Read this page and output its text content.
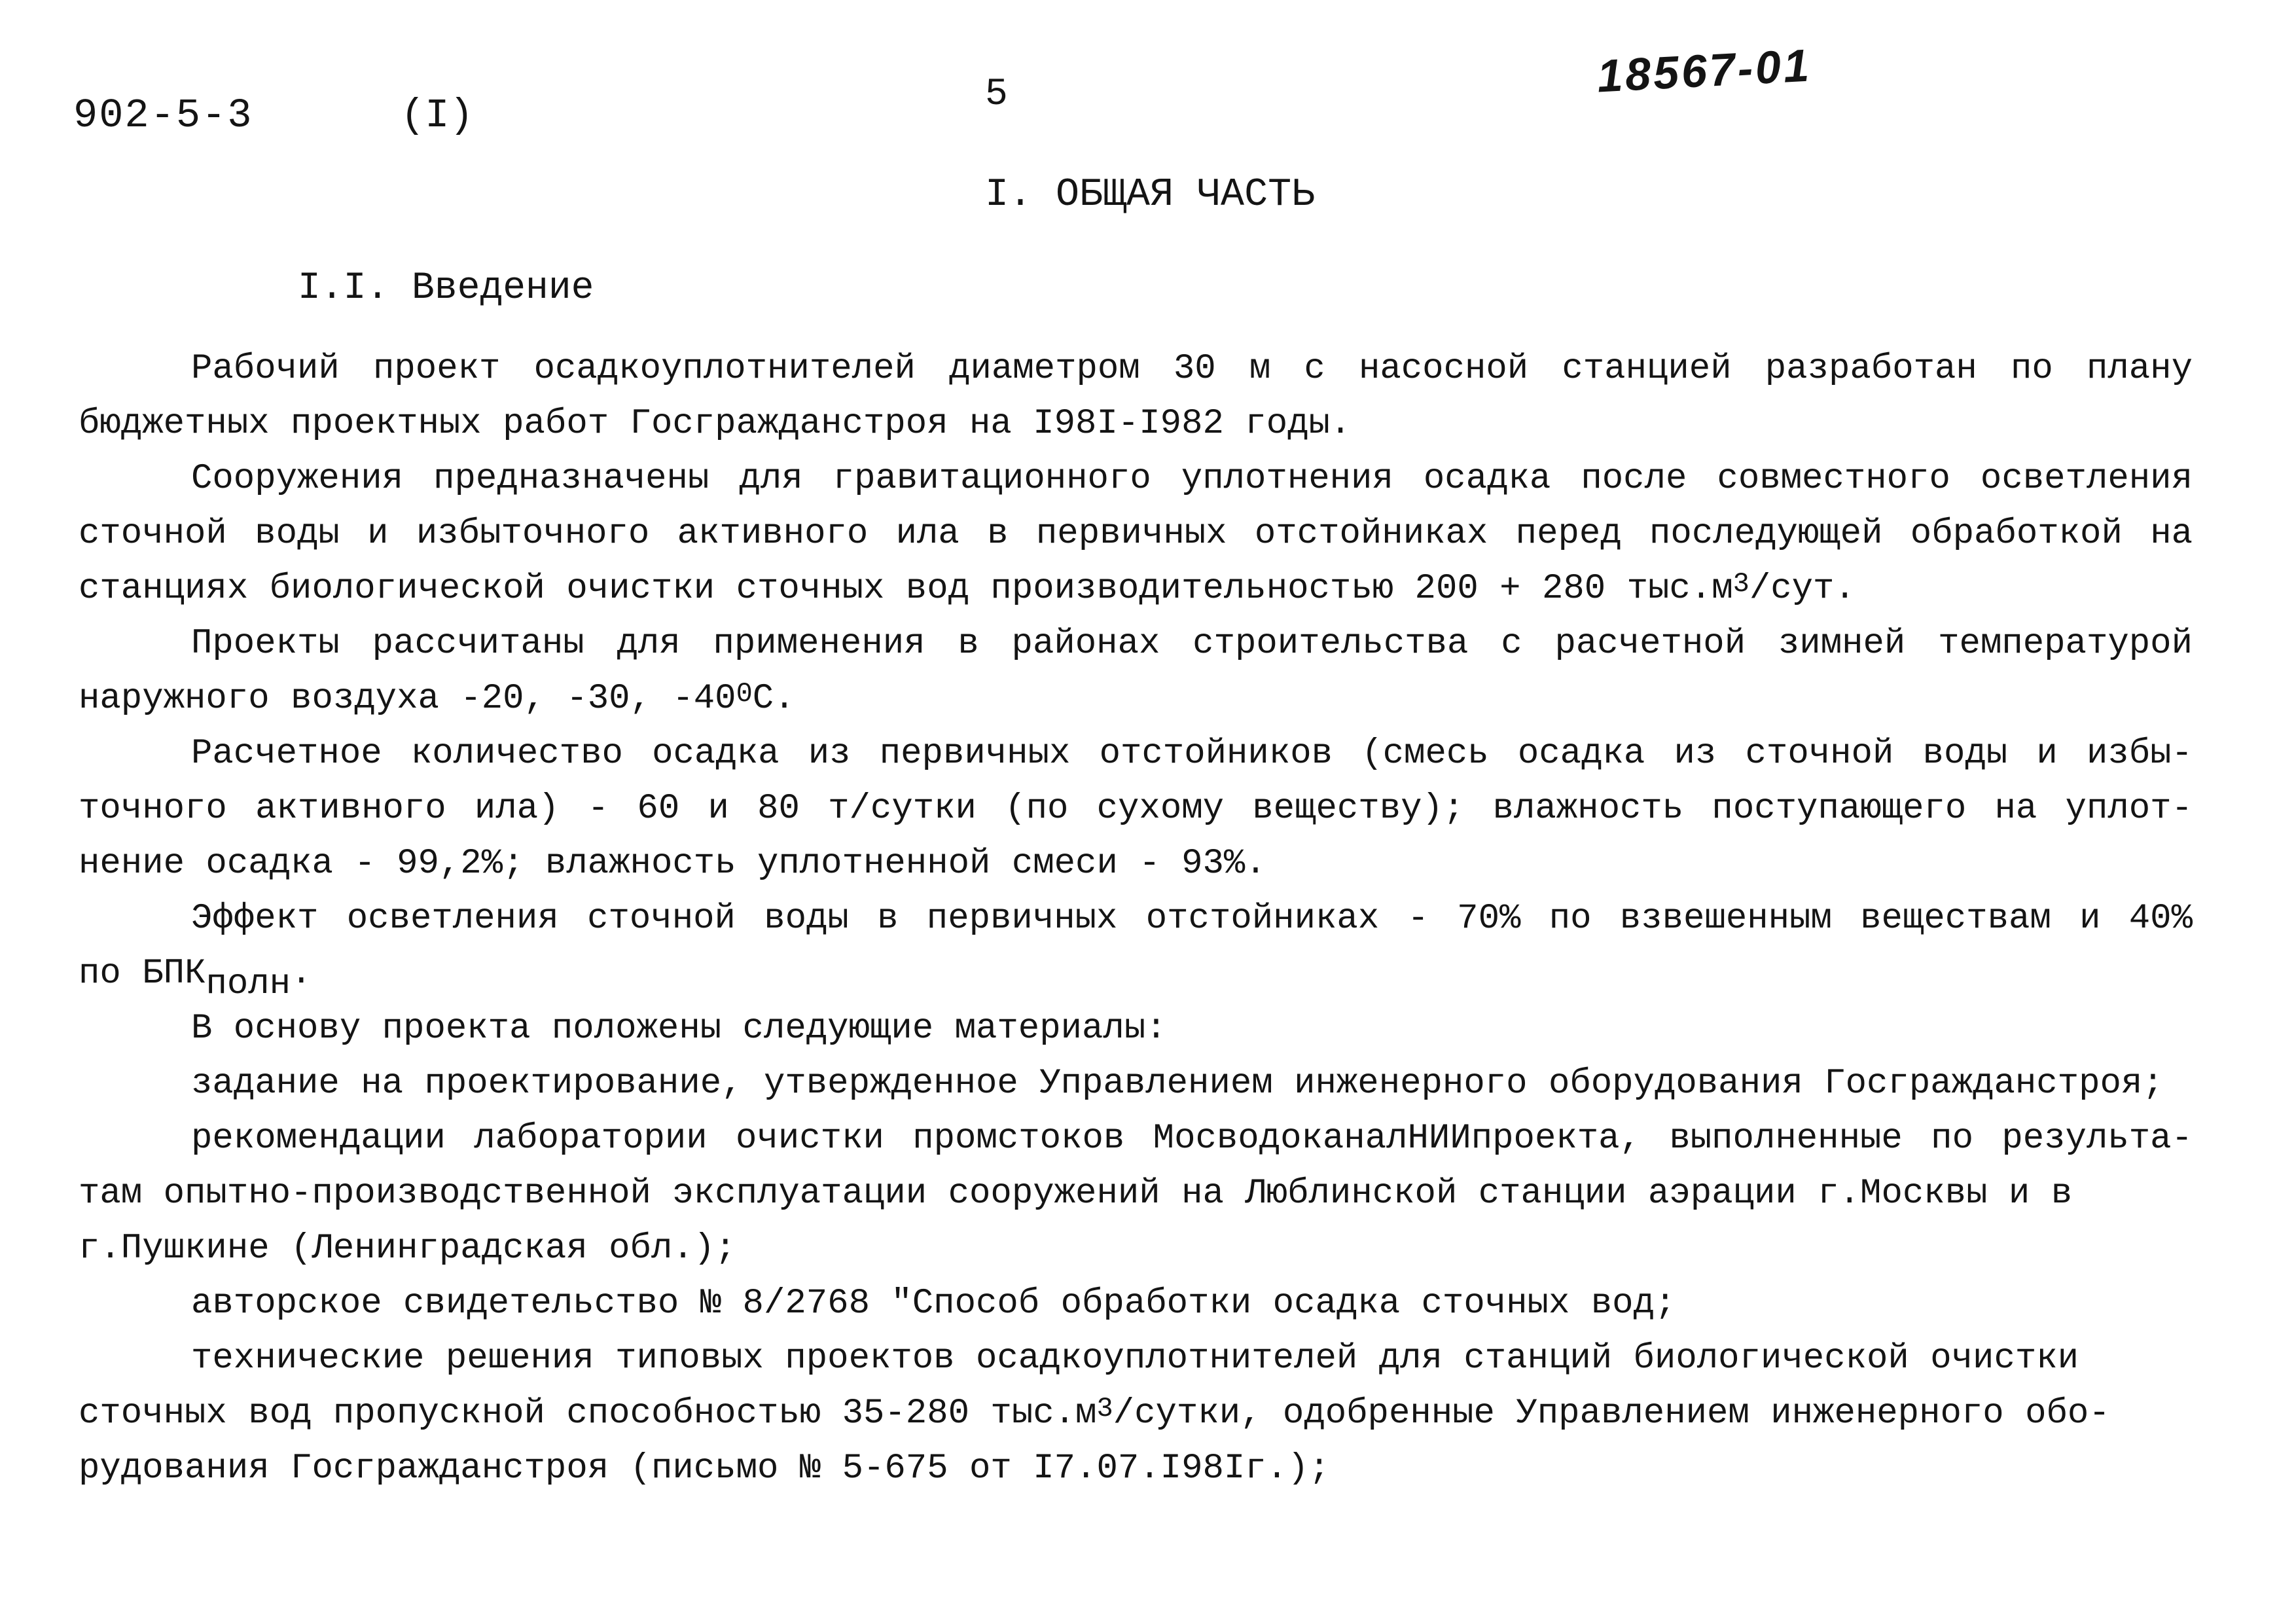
902-5-3	(I)	5	18567-01
I. ОБЩАЯ ЧАСТЬ
I.I. Введение
Рабочий проект осадкоуплотнителей диаметром 30 м с насосной станцией разработан по плану
бюджетных проектных работ Госгражданстроя на I98I-I982 годы.
Сооружения предназначены для гравитационного уплотнения осадка после совместного осветления
сточной воды и избыточного активного ила в первичных отстойниках перед последующей обработкой на
станциях биологической очистки сточных вод производительностью 200 + 280 $тыс.м^3$/сут.
Проекты рассчитаны для применения в районах строительства с расчетной зимней температурой
наружного воздуха -20, -30, $-40^0С$.
Расчетное количество осадка из первичных отстойников (смесь осадка из сточной воды и избы-
точного активного ила) - 60 и 80 т/сутки (по сухому веществу); влажность поступающего на уплот-
нение осадка - 99,2%; влажность уплотненной смеси - 93%.
Эффект осветления сточной воды в первичных отстойниках - 70% по взвешенным веществам и 40%
по $БПК_{полн}$.
В основу проекта положены следующие материалы:
задание на проектирование, утвержденное Управлением инженерного оборудования Госгражданстроя;
рекомендации лаборатории очистки промстоков МосводоканалНИИпроекта, выполненные по результа-
там опытно-производственной эксплуатации сооружений на Люблинской станции аэрации г.Москвы и в
г.Пушкине (Ленинградская обл.);
авторское свидетельство № 8/2768 "Способ обработки осадка сточных вод;
технические решения типовых проектов осадкоуплотнителей для станций биологической очистки
сточных вод пропускной способностью 35-280 $тыс.м^3$/сутки, одобренные Управлением инженерного обо-
рудования Госгражданстроя (письмо № 5-675 от I7.07.I98Iг.);
